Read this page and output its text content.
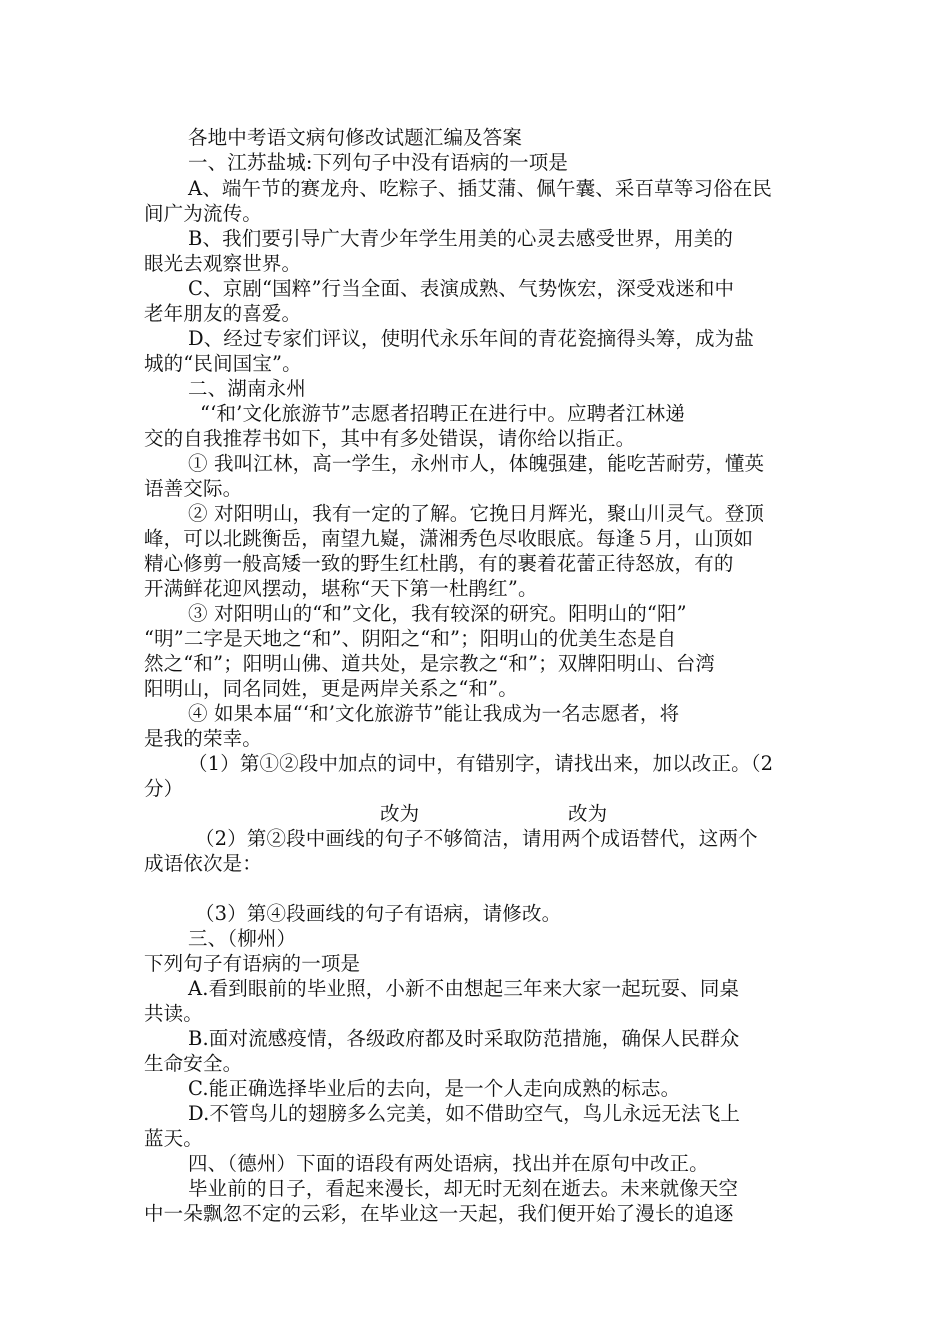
各地中考语文病句修改试题汇编及答案
一、江苏盐城:下列句子中没有语病的一项是
A、端午节的赛龙舟、吃粽子、插艾蒲、佩午囊、采百草等习俗在民
间广为流传。
B、我们要引导广大青少年学生用美的心灵去感受世界，用美的
眼光去观察世界。
C、京剧“国粹”行当全面、表演成熟、气势恢宏，深受戏迷和中
老年朋友的喜爱。
D、经过专家们评议，使明代永乐年间的青花瓷摘得头筹，成为盐
城的“民间国宝”。
二、湖南永州
“‘和’文化旅游节”志愿者招聘正在进行中。应聘者江林递
交的自我推荐书如下，其中有多处错误，请你给以指正。
① 我叫江林，高一学生，永州市人，体魄强建，能吃苦耐劳，懂英
语善交际。
② 对阳明山，我有一定的了解。它挽日月辉光，聚山川灵气。登顶
峰，可以北跳衡岳，南望九嶷，潇湘秀色尽收眼底。每逢５月，山顶如
精心修剪一般高矮一致的野生红杜鹃，有的裹着花蕾正待怒放，有的
开满鲜花迎风摆动，堪称“天下第一杜鹃红”。
③ 对阳明山的“和”文化，我有较深的研究。阳明山的“阳”
“明”二字是天地之“和”、阴阳之“和”；阳明山的优美生态是自
然之“和”；阳明山佛、道共处，是宗教之“和”；双牌阳明山、台湾
阳明山，同名同姓，更是两岸关系之“和”。
④ 如果本届“‘和’文化旅游节”能让我成为一名志愿者，将
是我的荣幸。
（1）第①②段中加点的词中，有错别字，请找出来，加以改正。（2
分）
改为	改为
（2）第②段中画线的句子不够简洁，请用两个成语替代，这两个
成语依次是：
（3）第④段画线的句子有语病，请修改。
三、（柳州）
下列句子有语病的一项是
A.看到眼前的毕业照，小新不由想起三年来大家一起玩耍、同桌
共读。
B.面对流感疫情，各级政府都及时采取防范措施，确保人民群众
生命安全。
C.能正确选择毕业后的去向，是一个人走向成熟的标志。
D.不管鸟儿的翅膀多么完美，如不借助空气，鸟儿永远无法飞上
蓝天。
四、（德州）下面的语段有两处语病，找出并在原句中改正。
毕业前的日子，看起来漫长，却无时无刻在逝去。未来就像天空
中一朵飘忽不定的云彩，在毕业这一天起，我们便开始了漫长的追逐
